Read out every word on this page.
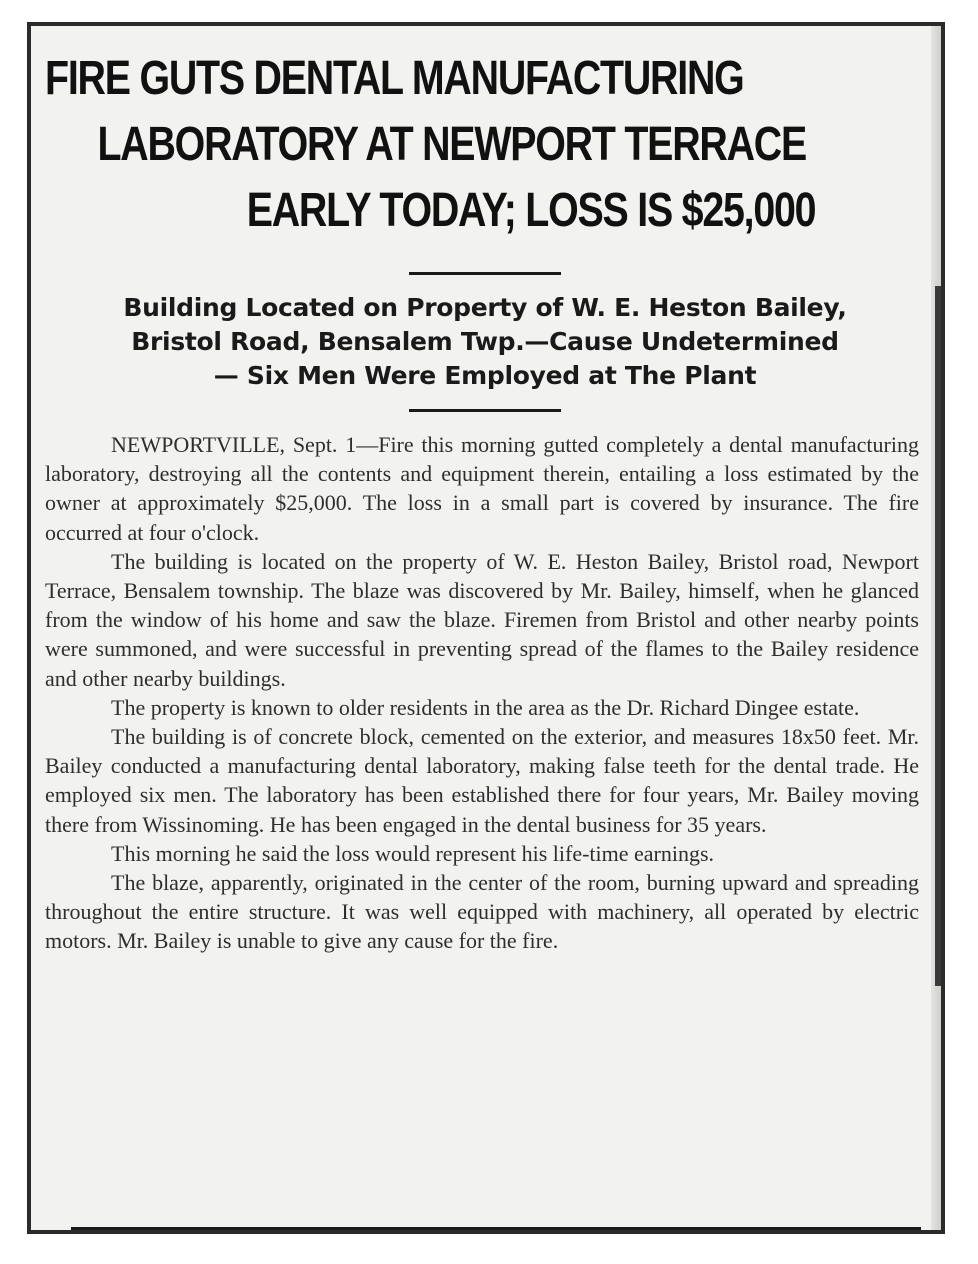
FIRE GUTS DENTAL MANUFACTURING
LABORATORY AT NEWPORT TERRACE
EARLY TODAY; LOSS IS $25,000
Building Located on Property of W. E. Heston Bailey,
Bristol Road, Bensalem Twp.—Cause Undetermined
— Six Men Were Employed at The Plant

NEWPORTVILLE, Sept. 1—Fire this morning gutted completely a dental manufacturing laboratory, destroying all the contents and equipment therein, entailing a loss estimated by the owner at approximately $25,000. The loss in a small part is covered by insurance. The fire occurred at four o'clock.

The building is located on the property of W. E. Heston Bailey, Bristol road, Newport Terrace, Bensalem township. The blaze was discovered by Mr. Bailey, himself, when he glanced from the window of his home and saw the blaze. Firemen from Bristol and other nearby points were summoned, and were successful in preventing spread of the flames to the Bailey residence and other nearby buildings.

The property is known to older residents in the area as the Dr. Richard Dingee estate.

The building is of concrete block, cemented on the exterior, and measures 18x50 feet. Mr. Bailey conducted a manufacturing dental laboratory, making false teeth for the dental trade. He employed six men. The laboratory has been established there for four years, Mr. Bailey moving there from Wissinoming. He has been engaged in the dental business for 35 years.

This morning he said the loss would represent his life-time earnings.

The blaze, apparently, originated in the center of the room, burning upward and spreading throughout the entire structure. It was well equipped with machinery, all operated by electric motors. Mr. Bailey is unable to give any cause for the fire.
